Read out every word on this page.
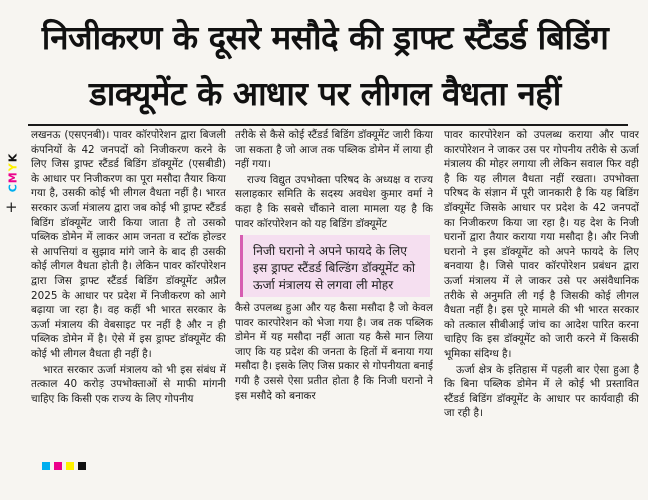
निजीकरण के दूसरे मसौदे की ड्राफ्ट स्टैंडर्ड बिडिंग
डाक्यूमेंट के आधार पर लीगल वैधता नहीं
CMYK
+

लखनऊ (एसएनबी)। पावर कॉरपोरेशन द्वारा बिजली कंपनियों के 42 जनपदों को निजीकरण करने के लिए जिस ड्राफ्ट स्टैंडर्ड बिडिंग डॉक्यूमेंट (एसबीडी) के आधार पर निजीकरण का पूरा मसौदा तैयार किया गया है, उसकी कोई भी लीगल वैधता नहीं है। भारत सरकार ऊर्जा मंत्रालय द्वारा जब कोई भी ड्राफ्ट स्टैंडर्ड बिडिंग डॉक्यूमेंट जारी किया जाता है तो उसको पब्लिक डोमेन में लाकर आम जनता व स्टॉक होल्डर से आपत्तियां व सुझाव मांगे जाने के बाद ही उसकी कोई लीगल वैधता होती है। लेकिन पावर कॉरपोरेशन द्वारा जिस ड्राफ्ट स्टैंडर्ड बिडिंग डॉक्यूमेंट अप्रैल 2025 के आधार पर प्रदेश में निजीकरण को आगे बढ़ाया जा रहा है। वह कहीं भी भारत सरकार के ऊर्जा मंत्रालय की वेबसाइट पर नहीं है और न ही पब्लिक डोमेन में है। ऐसे में इस ड्राफ्ट डॉक्यूमेंट की कोई भी लीगल वैधता ही नहीं है।

भारत सरकार ऊर्जा मंत्रालय को भी इस संबंध में तत्काल 40 करोड़ उपभोक्ताओं से माफी मांगनी चाहिए कि किसी एक राज्य के लिए गोपनीय

तरीके से कैसे कोई स्टैंडर्ड बिडिंग डॉक्यूमेंट जारी किया जा सकता है जो आज तक पब्लिक डोमेन में लाया ही नहीं गया।

राज्य विद्युत उपभोक्ता परिषद के अध्यक्ष व राज्य सलाहकार समिति के सदस्य अवधेश कुमार वर्मा ने कहा है कि सबसे चौंकाने वाला मामला यह है कि पावर कॉरपोरेशन को यह बिडिंग डॉक्यूमेंट

निजी घरानो ने अपने फायदे के लिए इस ड्राफ्ट स्टैंडर्ड बिल्डिंग डॉक्यूमेंट को ऊर्जा मंत्रालय से लगवा ली मोहर

कैसे उपलब्ध हुआ और यह कैसा मसौदा है जो केवल पावर कारपोरेशन को भेजा गया है। जब तक पब्लिक डोमेन में यह मसौदा नहीं आता यह कैसे मान लिया जाए कि यह प्रदेश की जनता के हितों में बनाया गया मसौदा है। इसके लिए जिस प्रकार से गोपनीयता बनाई गयी है उससे ऐसा प्रतीत होता है कि निजी घरानो ने इस मसौदे को बनाकर

पावर कारपोरेशन को उपलब्ध कराया और पावर कारपोरेशन ने जाकर उस पर गोपनीय तरीके से ऊर्जा मंत्रालय की मोहर लगाया ली लेकिन सवाल फिर वही है कि यह लीगल वैधता नहीं रखता। उपभोक्ता परिषद के संज्ञान में पूरी जानकारी है कि यह बिडिंग डॉक्यूमेंट जिसके आधार पर प्रदेश के 42 जनपदों का निजीकरण किया जा रहा है। यह देश के निजी घरानों द्वारा तैयार कराया गया मसौदा है। और निजी घरानो ने इस डॉक्यूमेंट को अपने फायदे के लिए बनवाया है। जिसे पावर कॉरपोरेशन प्रबंधन द्वारा ऊर्जा मंत्रालय में ले जाकर उसे पर असंवैधानिक तरीके से अनुमति ली गई है जिसकी कोई लीगल वैधता नहीं है। इस पूरे मामले की भी भारत सरकार को तत्काल सीबीआई जांच का आदेश पारित करना चाहिए कि इस डॉक्यूमेंट को जारी करने में किसकी भूमिका संदिग्ध है।

ऊर्जा क्षेत्र के इतिहास में पहली बार ऐसा हुआ है कि बिना पब्लिक डोमेन में ले कोई भी प्रस्तावित स्टैंडर्ड बिडिंग डॉक्यूमेंट के आधार पर कार्यवाही की जा रही है।
